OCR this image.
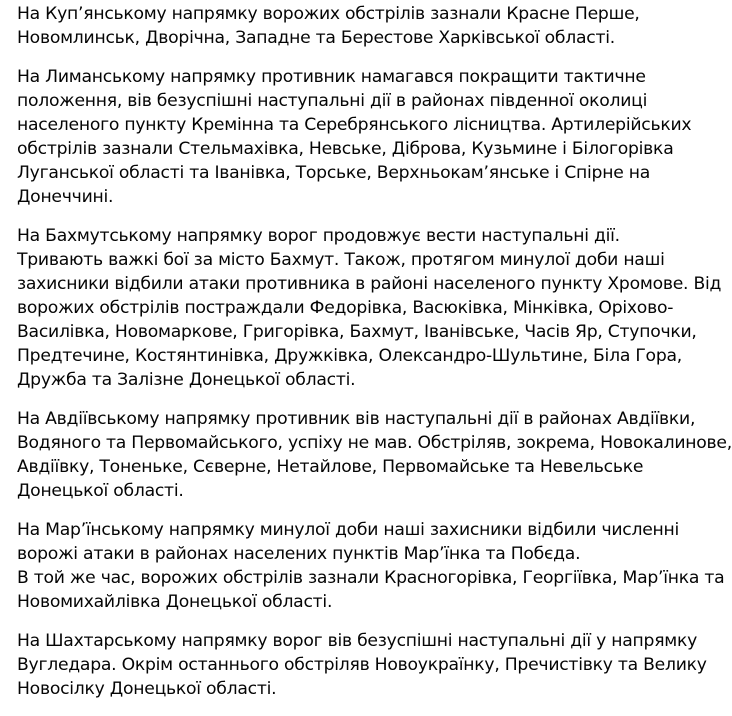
На Куп’янському напрямку ворожих обстрілів зазнали Красне Перше,
Новомлинськ, Дворічна, Западне та Берестове Харківської області.

На Лиманському напрямку противник намагався покращити тактичне
положення, вів безуспішні наступальні дії в районах південної околиці
населеного пункту Кремінна та Серебрянського лісництва. Артилерійських
обстрілів зазнали Стельмахівка, Невське, Діброва, Кузьмине і Білогорівка
Луганської області та Іванівка, Торське, Верхньокам’янське і Спірне на
Донеччині.

На Бахмутському напрямку ворог продовжує вести наступальні дії.
Тривають важкі бої за місто Бахмут. Також, протягом минулої доби наші
захисники відбили атаки противника в районі населеного пункту Хромове. Від
ворожих обстрілів постраждали Федорівка, Васюківка, Мінківка, Оріхово-
Василівка, Новомаркове, Григорівка, Бахмут, Іванівське, Часів Яр, Ступочки,
Предтечине, Костянтинівка, Дружківка, Олександро-Шультине, Біла Гора,
Дружба та Залізне Донецької області.

На Авдіївському напрямку противник вів наступальні дії в районах Авдіївки,
Водяного та Первомайського, успіху не мав. Обстріляв, зокрема, Новокалинове,
Авдіївку, Тоненьке, Сєверне, Нетайлове, Первомайське та Невельське
Донецької області.

На Мар’їнському напрямку минулої доби наші захисники відбили численні
ворожі атаки в районах населених пунктів Мар’їнка та Побєда.
В той же час, ворожих обстрілів зазнали Красногорівка, Георгіївка, Мар’їнка та
Новомихайлівка Донецької області.

На Шахтарському напрямку ворог вів безуспішні наступальні дії у напрямку
Вугледара. Окрім останнього обстріляв Новоукраїнку, Пречистівку та Велику
Новосілку Донецької області.
